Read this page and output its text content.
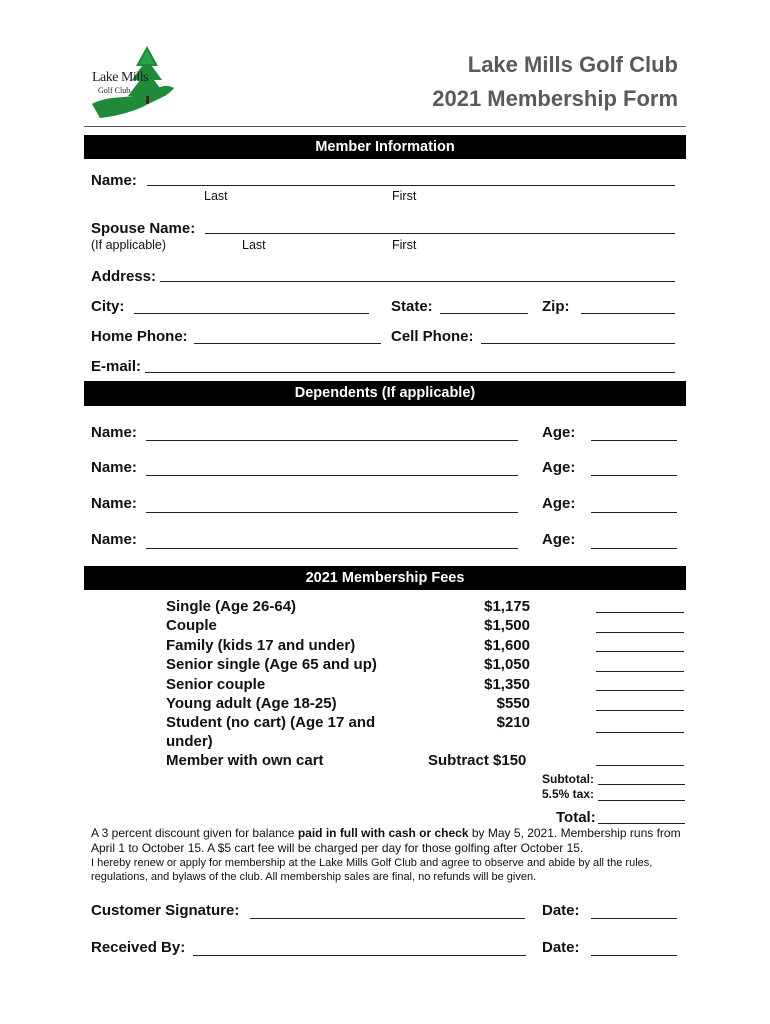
Lake Mills
Golf Club
Lake Mills Golf Club
2021 Membership Form
Member Information
Name:
Last	First
Spouse Name:
(If applicable)	Last	First
Address:
City:	State:	Zip:
Home Phone:	Cell Phone:
E-mail:
Dependents (If applicable)
Name:	Age:
Name:	Age:
Name:	Age:
Name:	Age:
2021 Membership Fees
Single (Age 26-64)	$1,175
Couple	$1,500
Family (kids 17 and under)	$1,600
Senior single (Age 65 and up)	$1,050
Senior couple	$1,350
Young adult (Age 18-25)	$550
Student (no cart) (Age 17 and	$210
under)
Member with own cart	Subtract $150
Subtotal:
5.5% tax:
Total:
A 3 percent discount given for balance paid in full with cash or check by May 5, 2021. Membership runs from April 1 to October 15. A $5 cart fee will be charged per day for those golfing after October 15.
I hereby renew or apply for membership at the Lake Mills Golf Club and agree to observe and abide by all the rules, regulations, and bylaws of the club. All membership sales are final, no refunds will be given.
Customer Signature:	Date:
Received By:	Date:
